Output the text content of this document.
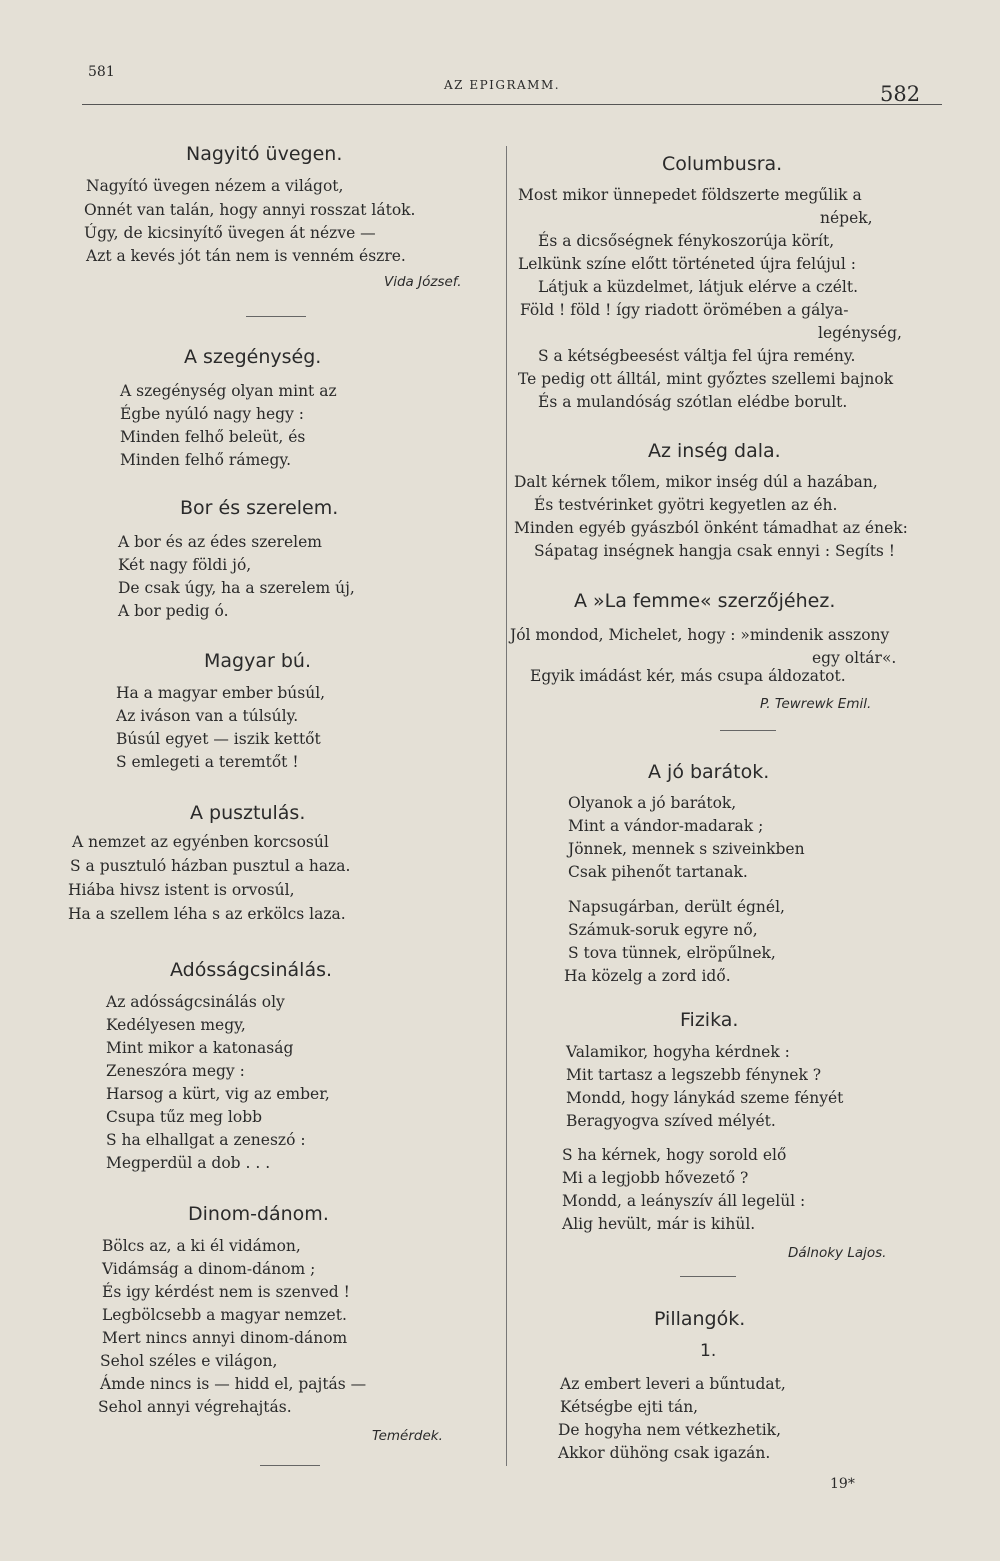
581
AZ EPIGRAMM.	582
Nagyitó üvegen.
Nagyító üvegen nézem a világot,
Onnét van talán, hogy annyi rosszat látok.
Úgy, de kicsinyítő üvegen át nézve —
Azt a kevés jót tán nem is venném észre.
Vida József.
A szegénység.
A szegénység olyan mint az
Égbe nyúló nagy hegy :
Minden felhő beleüt, és
Minden felhő rámegy.
Bor és szerelem.
A bor és az édes szerelem
Két nagy földi jó,
De csak úgy, ha a szerelem új,
A bor pedig ó.
Magyar bú.
Ha a magyar ember búsúl,
Az iváson van a túlsúly.
Búsúl egyet — iszik kettőt
S emlegeti a teremtőt !
A pusztulás.
A nemzet az egyénben korcsosúl
S a pusztuló házban pusztul a haza.
Hiába hivsz istent is orvosúl,
Ha a szellem léha s az erkölcs laza.
Adósságcsinálás.
Az adósságcsinálás oly
Kedélyesen megy,
Mint mikor a katonaság
Zeneszóra megy :
Harsog a kürt, vig az ember,
Csupa tűz meg lobb
S ha elhallgat a zeneszó :
Megperdül a dob . . .
Dinom-dánom.
Bölcs az, a ki él vidámon,
Vidámság a dinom-dánom ;
És igy kérdést nem is szenved !
Legbölcsebb a magyar nemzet.
Mert nincs annyi dinom-dánom
Sehol széles e világon,
Ámde nincs is — hidd el, pajtás —
Sehol annyi végrehajtás.
Temérdek.
Columbusra.
Most mikor ünnepedet földszerte megűlik a
népek,
És a dicsőségnek fénykoszorúja körít,
Lelkünk színe előtt történeted újra felújul :
Látjuk a küzdelmet, látjuk elérve a czélt.
Föld ! föld ! így riadott örömében a gálya-
legénység,
S a kétségbeesést váltja fel újra remény.
Te pedig ott álltál, mint győztes szellemi bajnok
És a mulandóság szótlan elédbe borult.
Az inség dala.
Dalt kérnek tőlem, mikor inség dúl a hazában,
És testvérinket gyötri kegyetlen az éh.
Minden egyéb gyászból önként támadhat az ének:
Sápatag inségnek hangja csak ennyi : Segíts !
A »La femme« szerzőjéhez.
Jól mondod, Michelet, hogy : »mindenik asszony
egy oltár«.
Egyik imádást kér, más csupa áldozatot.
P. Tewrewk Emil.
A jó barátok.
Olyanok a jó barátok,
Mint a vándor-madarak ;
Jönnek, mennek s sziveinkben
Csak pihenőt tartanak.
Napsugárban, derült égnél,
Számuk-soruk egyre nő,
S tova tünnek, elröpűlnek,
Ha közelg a zord idő.
Fizika.
Valamikor, hogyha kérdnek :
Mit tartasz a legszebb fénynek ?
Mondd, hogy lánykád szeme fényét
Beragyogva szíved mélyét.
S ha kérnek, hogy sorold elő
Mi a legjobb hővezető ?
Mondd, a leányszív áll legelül :
Alig hevült, már is kihül.
Dálnoky Lajos.
Pillangók.
1.
Az embert leveri a bűntudat,
Kétségbe ejti tán,
De hogyha nem vétkezhetik,
Akkor dühöng csak igazán.
19*
